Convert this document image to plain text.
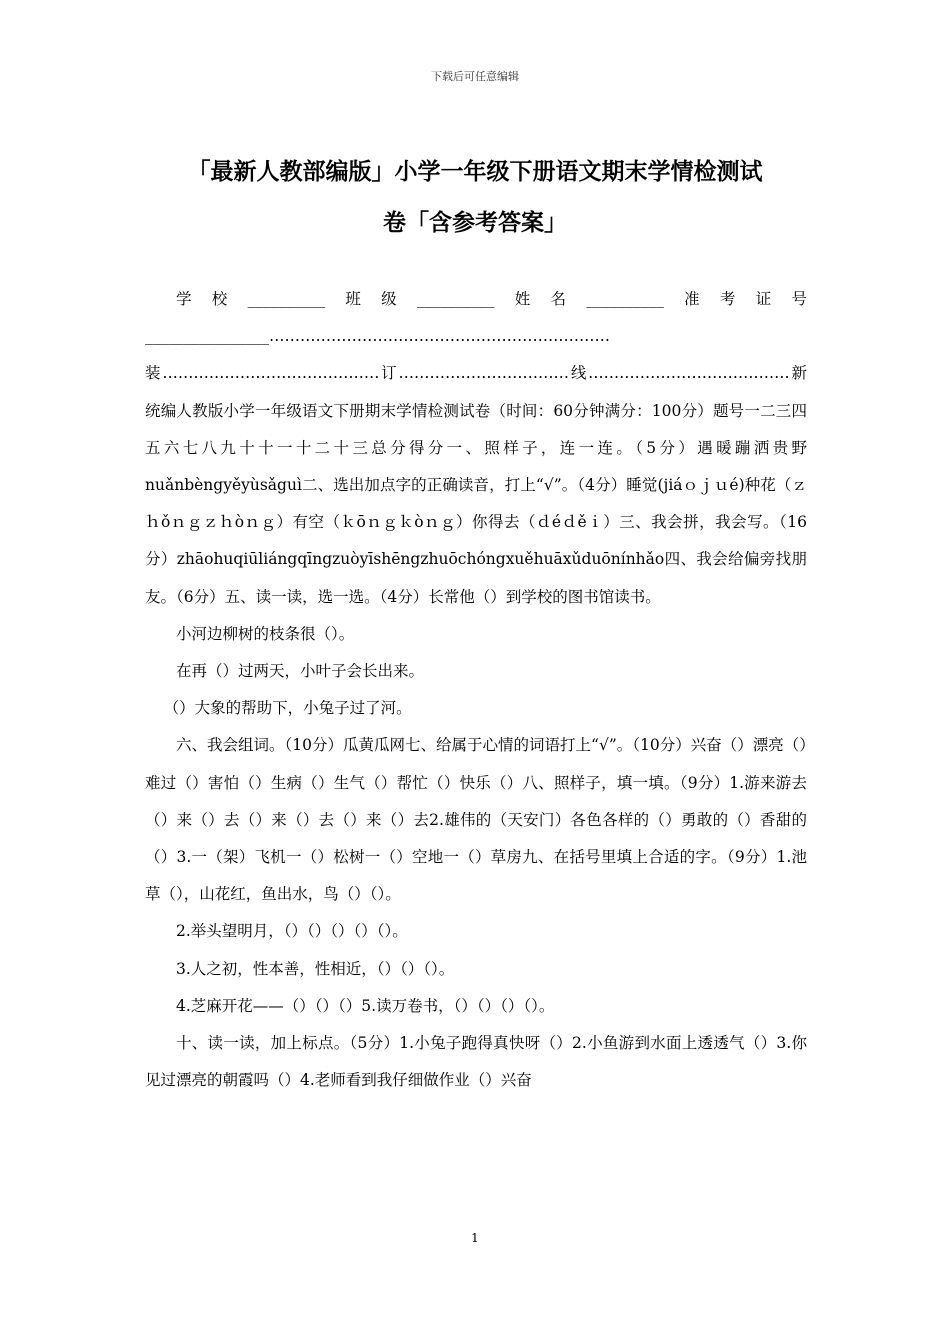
下载后可任意编辑
「最新人教部编版」小学一年级下册语文期末学情检测试
卷「含参考答案」

学校__________班级__________姓名__________准考证号________________…………………………………………………………装……………………………………订……………………………线…………………………………新统编人教版小学一年级语文下册期末学情检测试卷（时间：60分钟满分：100分）题号一二三四五六七八九十十一十二十三总分得分一、照样子，连一连。（5分）遇暖蹦洒贵野nuǎnbèngyěyùsǎguì二、选出加点字的正确读音，打上“√”。（4分）睡觉(jiáｏｊｕé)种花（ｚｈǒｎｇｚｈòｎｇ）有空（ｋōｎｇｋòｎｇ）你得去（ｄéｄěｉ）三、我会拼，我会写。（16分）zhāohuqiūliángqīngzuòyīshēngzhuōchóngxuěhuāxǔduōnínhǎo四、我会给偏旁找朋友。（6分）五、读一读，选一选。（4分）长常他（）到学校的图书馆读书。

小河边柳树的枝条很（）。

在再（）过两天，小叶子会长出来。

（）大象的帮助下，小兔子过了河。

六、我会组词。（10分）瓜黄瓜网七、给属于心情的词语打上“√”。（10分）兴奋（）漂亮（）难过（）害怕（）生病（）生气（）帮忙（）快乐（）八、照样子，填一填。（9分）1.游来游去（）来（）去（）来（）去（）来（）去2.雄伟的（天安门）各色各样的（）勇敢的（）香甜的（）3.一（架）飞机一（）松树一（）空地一（）草房九、在括号里填上合适的字。（9分）1.池草（），山花红，鱼出水，鸟（）（）。

2.举头望明月，（）（）（）（）（）。

3.人之初，性本善，性相近，（）（）（）。

4.芝麻开花——（）（）（）5.读万卷书，（）（）（）（）。

十、读一读，加上标点。（5分）1.小兔子跑得真快呀（）2.小鱼游到水面上透透气（）3.你见过漂亮的朝霞吗（）4.老师看到我仔细做作业（）兴奋

1
